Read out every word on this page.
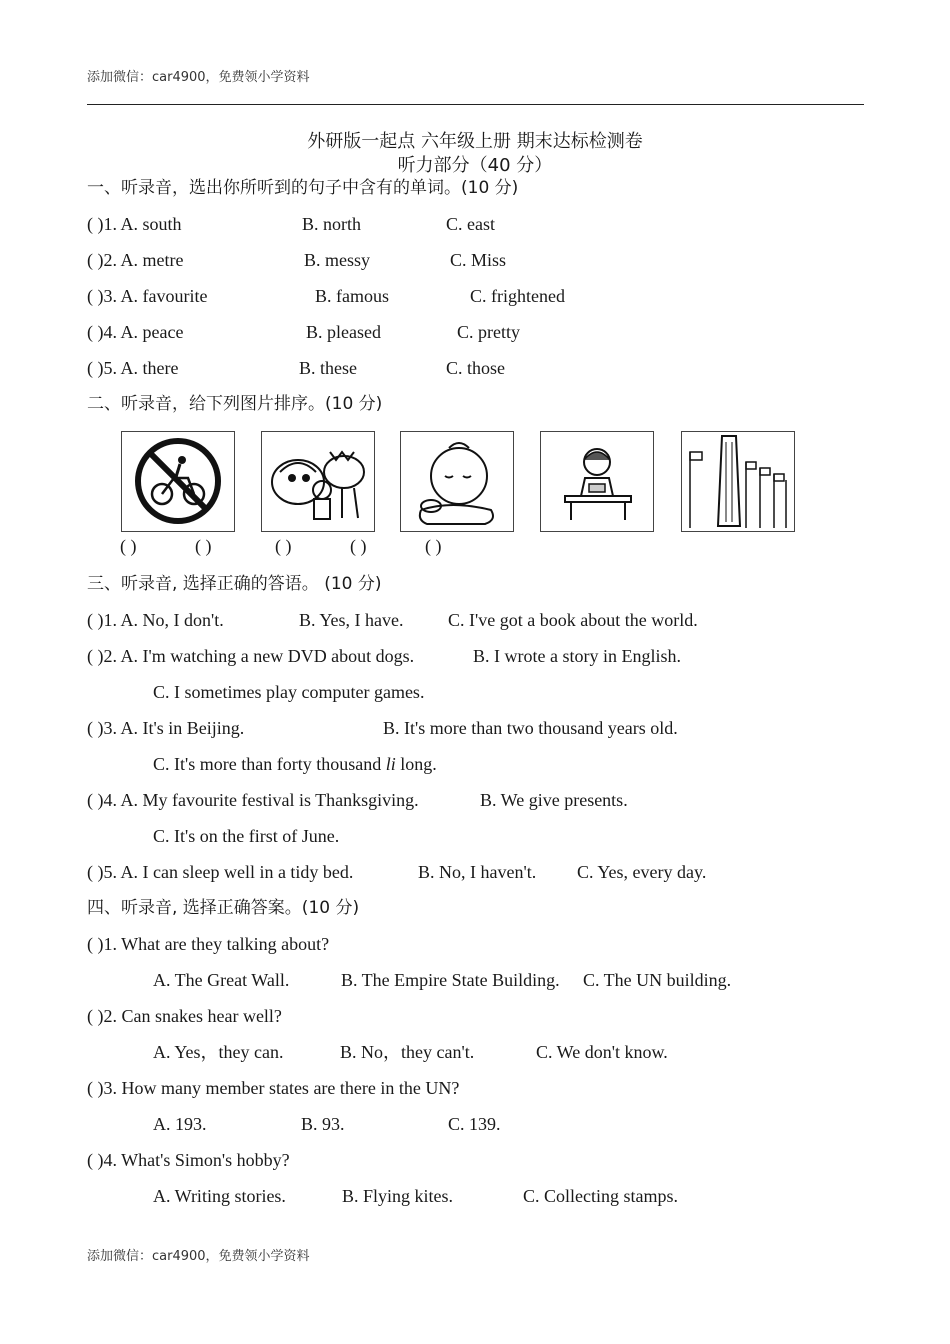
添加微信：car4900，免费领小学资料
外研版一起点 六年级上册 期末达标检测卷
听力部分（40 分）
一、听录音，选出你所听到的句子中含有的单词。(10 分)
( )1. A. south	B. north	C. east
( )2. A. metre	B. messy	C. Miss
( )3. A. favourite	B. famous	C. frightened
( )4. A. peace	B. pleased	C. pretty
( )5. A. there	B. these	C. those
二、听录音，给下列图片排序。(10 分)
( )	( )	( )	( )	( )
三、听录音, 选择正确的答语。 (10 分)
( )1. A. No, I don't.	B. Yes, I have. C. I've got a book about the world.
( )2. A. I'm watching a new DVD about dogs.	B. I wrote a story in English.
C. I sometimes play computer games.
( )3. A. It's in Beijing.	B. It's more than two thousand years old.
C. It's more than forty thousand li long.
( )4. A. My favourite festival is Thanksgiving.	B. We give presents.
C. It's on the first of June.
( )5. A. I can sleep well in a tidy bed.	B. No, I haven't. C. Yes, every day.
四、听录音, 选择正确答案。(10 分)
( )1. What are they talking about?
A. The Great Wall.	B. The Empire State Building. C. The UN building.
( )2. Can snakes hear well?
A. Yes，they can.	B. No，they can't.	C. We don't know.
( )3. How many member states are there in the UN?
A. 193.	B. 93.	C. 139.
( )4. What's Simon's hobby?
A. Writing stories.	B. Flying kites.	C. Collecting stamps.
添加微信：car4900，免费领小学资料
